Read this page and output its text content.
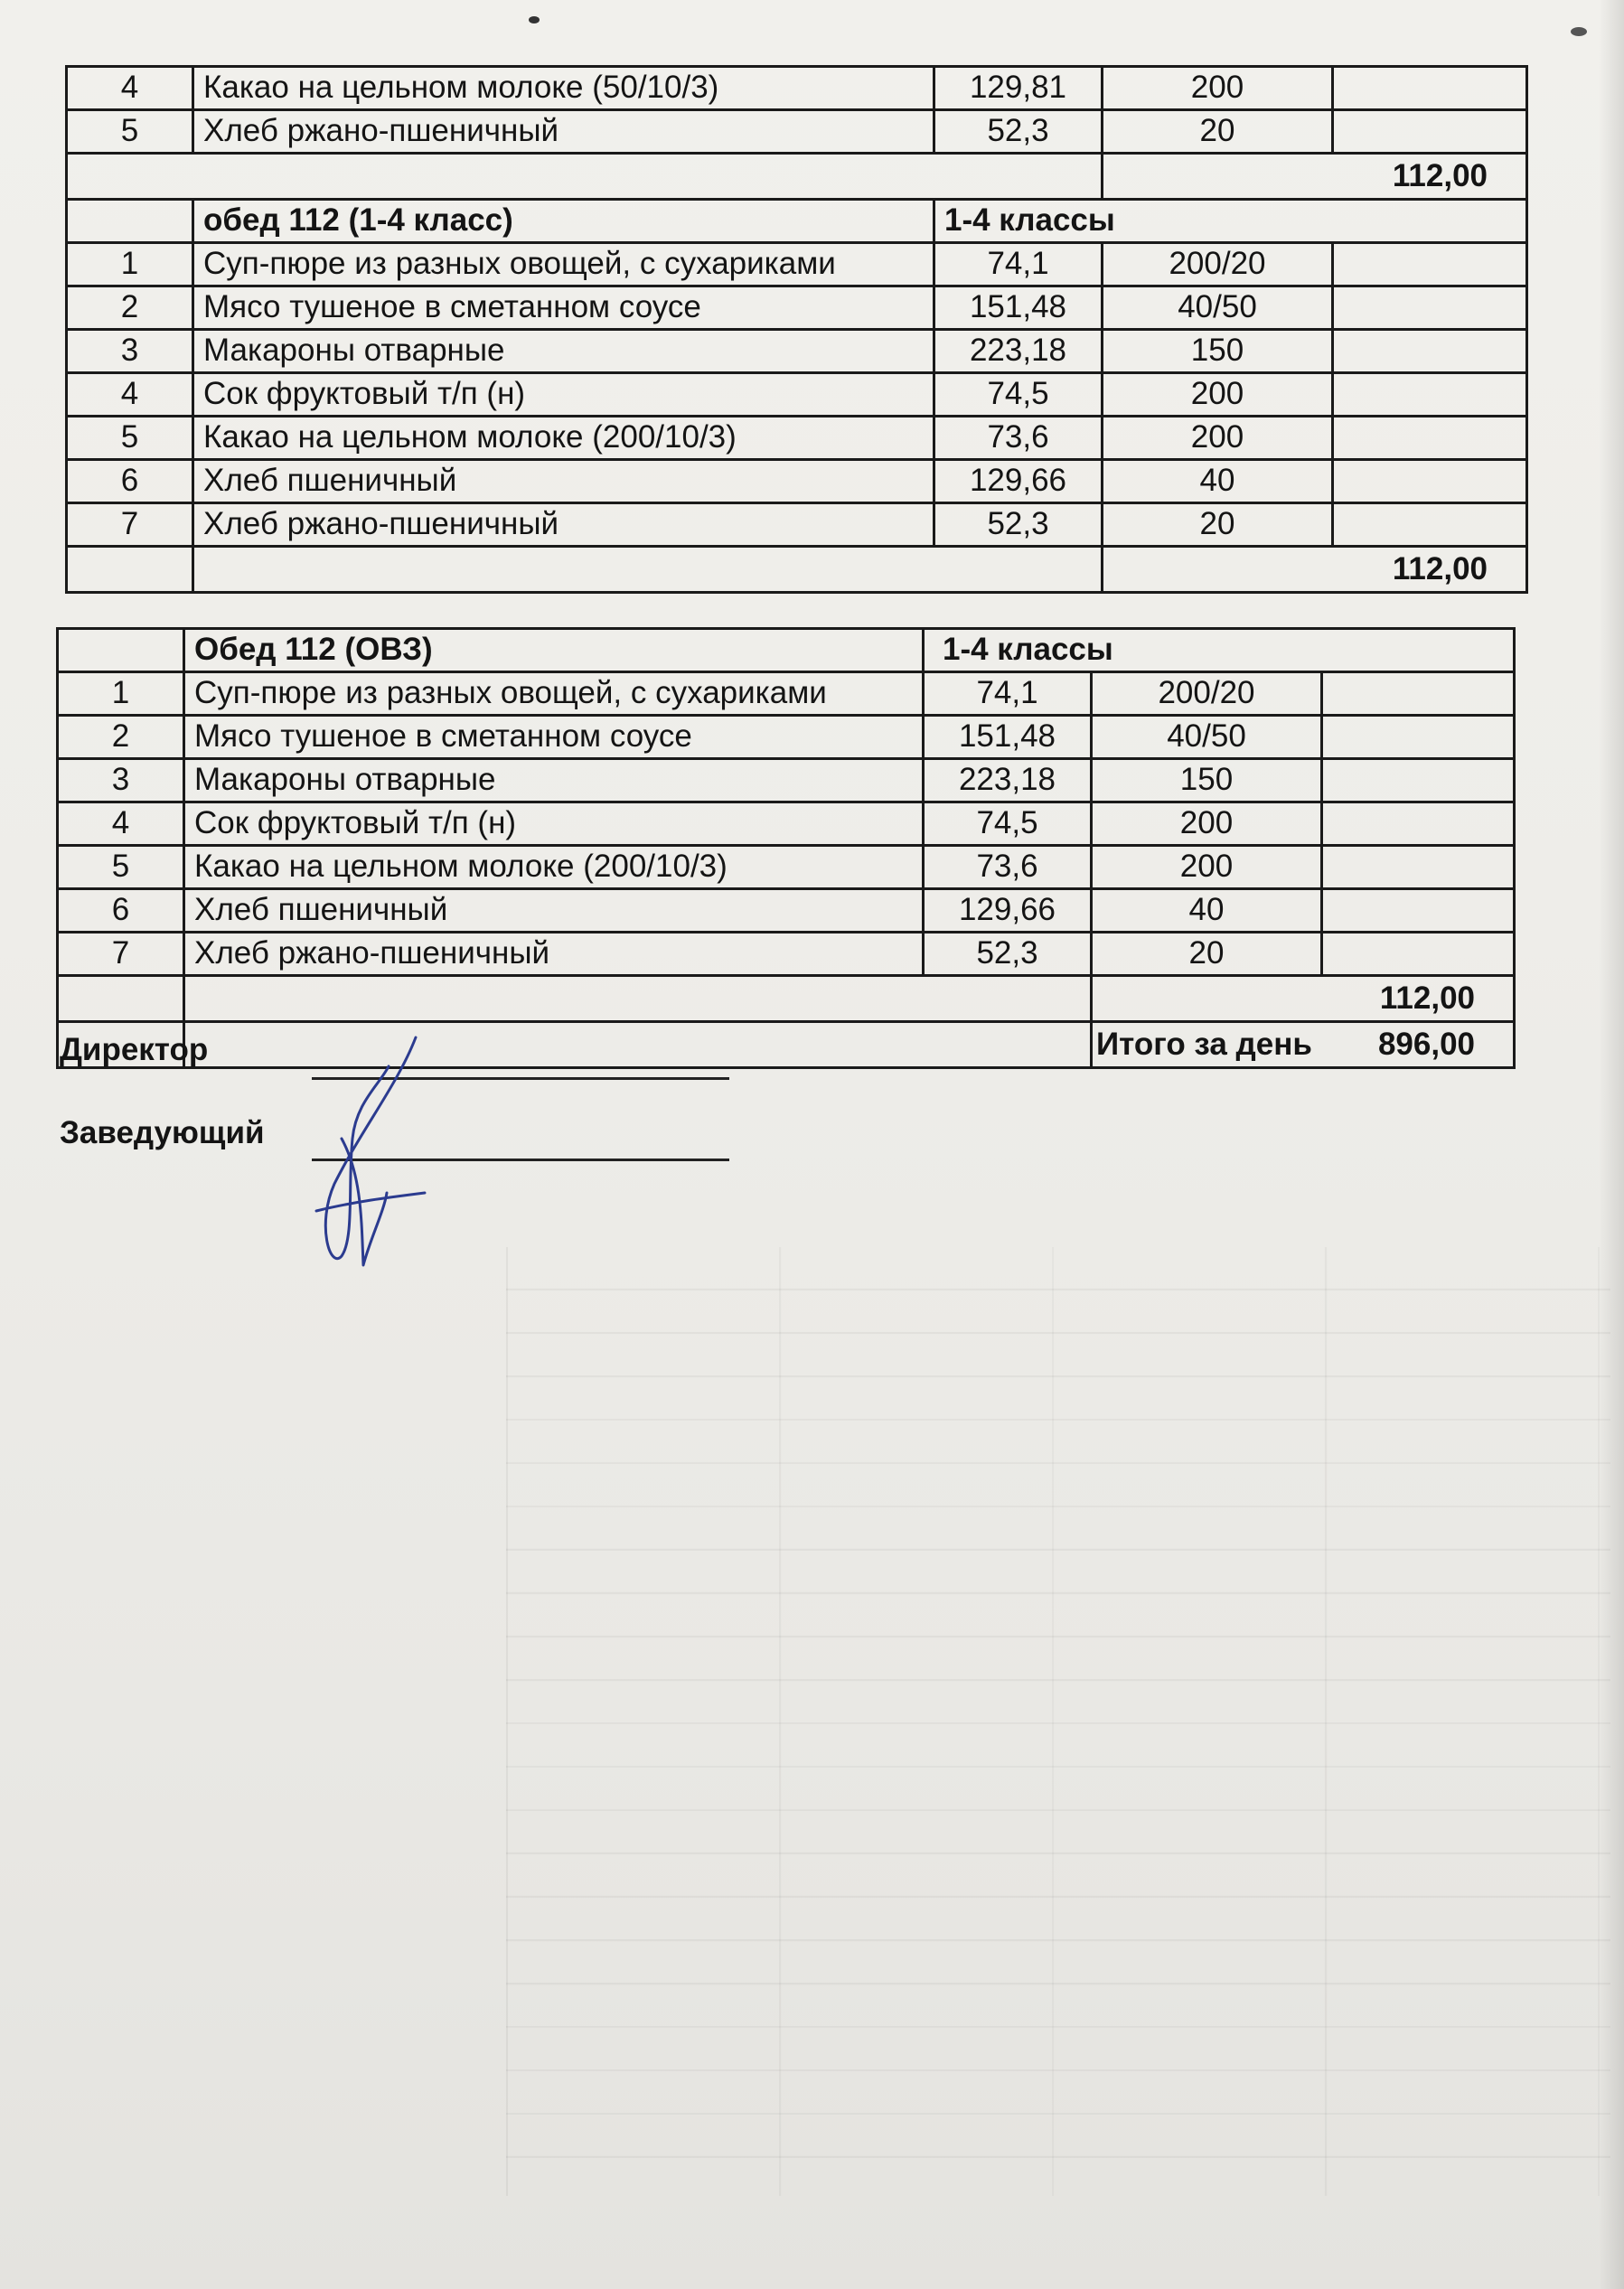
4	Какао на цельном молоке (50/10/3)	129,81	200	
5	Хлеб ржано-пшеничный	52,3	20	
			112,00	
	обед 112 (1-4 класс)	1-4 классы		
1	Суп-пюре из разных овощей, с сухариками	74,1	200/20	
2	Мясо тушеное в сметанном соусе	151,48	40/50	
3	Макароны отварные	223,18	150	
4	Сок фруктовый т/п (н)	74,5	200	
5	Какао на цельном молоке (200/10/3)	73,6	200	
6	Хлеб пшеничный	129,66	40	
7	Хлеб ржано-пшеничный	52,3	20	
			112,00	
	Обед 112 (ОВЗ)	1-4 классы		
1	Суп-пюре из разных овощей, с сухариками	74,1	200/20	
2	Мясо тушеное в сметанном соусе	151,48	40/50	
3	Макароны отварные	223,18	150	
4	Сок фруктовый т/п (н)	74,5	200	
5	Какао на цельном молоке (200/10/3)	73,6	200	
6	Хлеб пшеничный	129,66	40	
7	Хлеб ржано-пшеничный	52,3	20	
			112,00	

			Итого за день 896,00	
Директор
Заведующий
